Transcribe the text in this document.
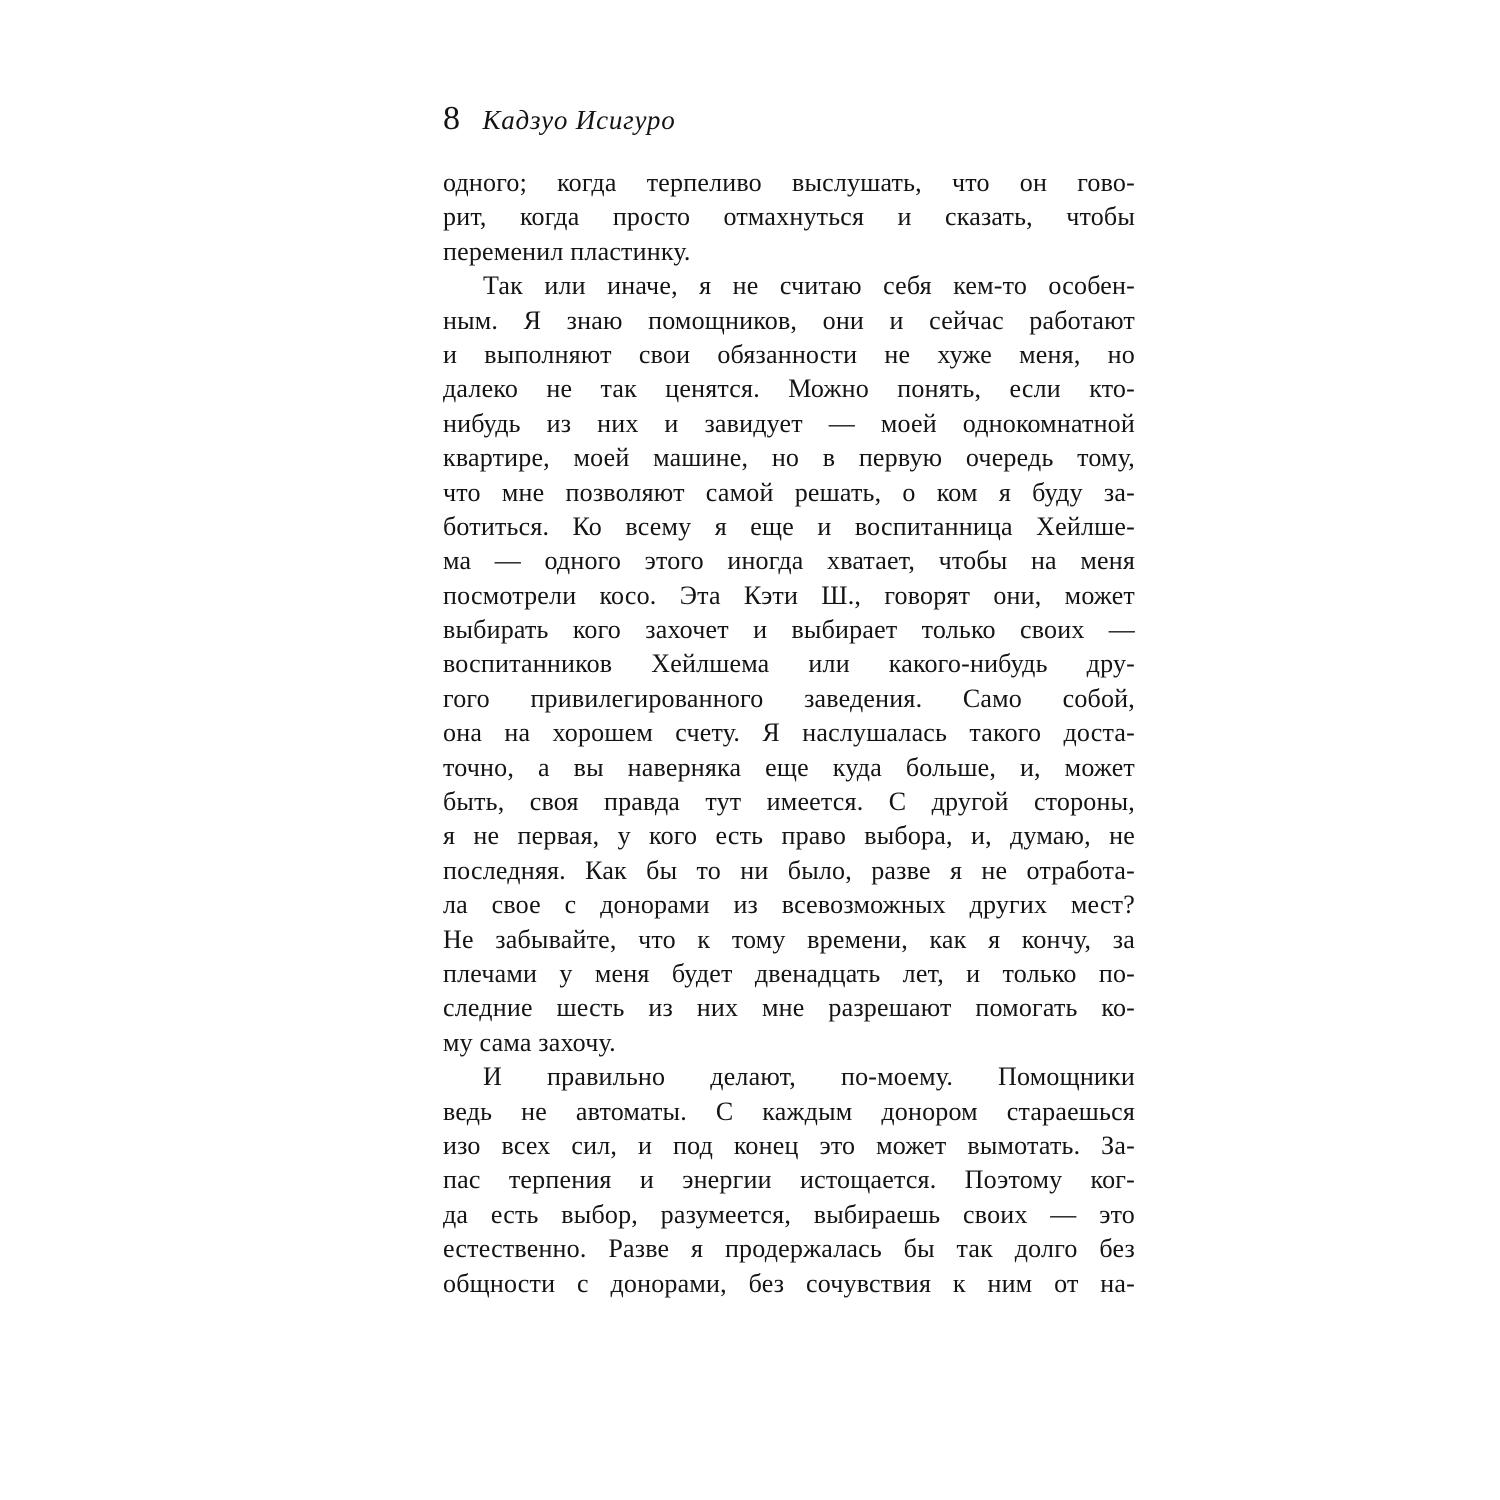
8 Кадзуо Исигуро
одного; когда терпеливо выслушать, что он гово-
рит, когда просто отмахнуться и сказать, чтобы
переменил пластинку.
Так или иначе, я не считаю себя кем-то особен-
ным. Я знаю помощников, они и сейчас работают
и выполняют свои обязанности не хуже меня, но
далеко не так ценятся. Можно понять, если кто-
нибудь из них и завидует — моей однокомнатной
квартире, моей машине, но в первую очередь тому,
что мне позволяют самой решать, о ком я буду за-
ботиться. Ко всему я еще и воспитанница Хейлше-
ма — одного этого иногда хватает, чтобы на меня
посмотрели косо. Эта Кэти Ш., говорят они, может
выбирать кого захочет и выбирает только своих —
воспитанников Хейлшема или какого-нибудь дру-
гого привилегированного заведения. Само собой,
она на хорошем счету. Я наслушалась такого доста-
точно, а вы наверняка еще куда больше, и, может
быть, своя правда тут имеется. С другой стороны,
я не первая, у кого есть право выбора, и, думаю, не
последняя. Как бы то ни было, разве я не отработа-
ла свое с донорами из всевозможных других мест?
Не забывайте, что к тому времени, как я кончу, за
плечами у меня будет двенадцать лет, и только по-
следние шесть из них мне разрешают помогать ко-
му сама захочу.
И правильно делают, по-моему. Помощники
ведь не автоматы. С каждым донором стараешься
изо всех сил, и под конец это может вымотать. За-
пас терпения и энергии истощается. Поэтому ког-
да есть выбор, разумеется, выбираешь своих — это
естественно. Разве я продержалась бы так долго без
общности с донорами, без сочувствия к ним от на-
